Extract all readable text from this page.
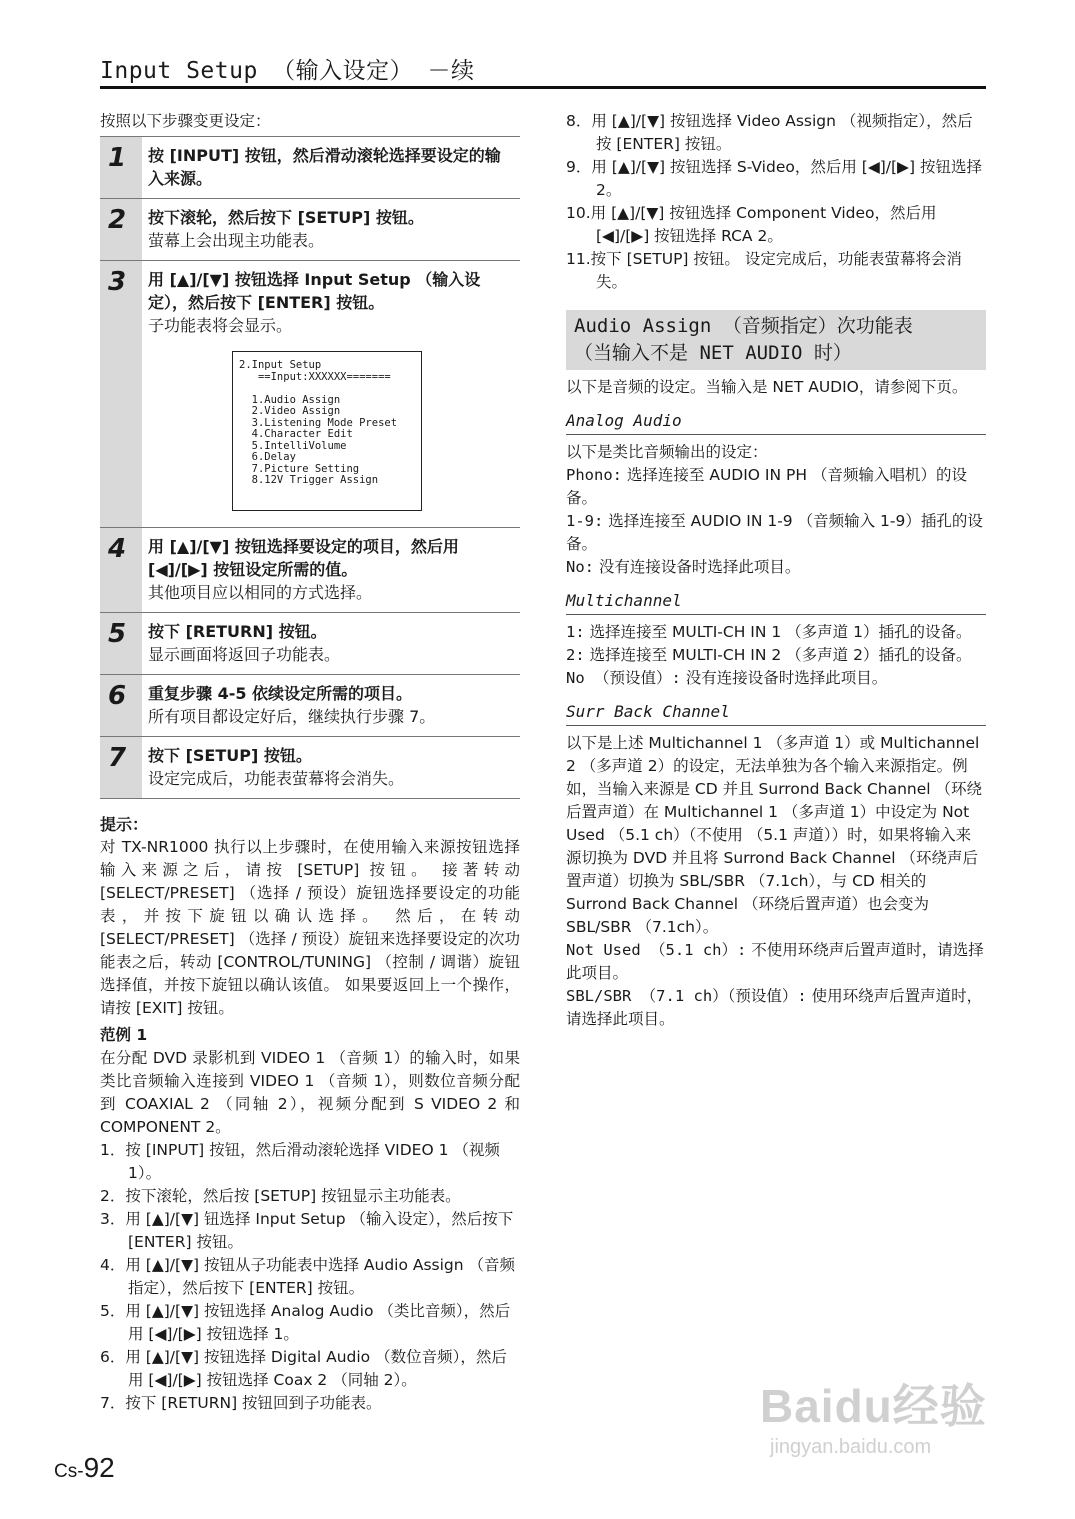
Input Setup （输入设定） －续
按照以下步骤变更设定：
1	按 [INPUT] 按钮，然后滑动滚轮选择要设定的输入来源。
2	按下滚轮，然后按下 [SETUP] 按钮。
萤幕上会出现主功能表。
3	用 [▲]/[▼] 按钮选择 Input Setup （输入设定），然后按下 [ENTER] 按钮。
子功能表将会显示。
2.Input Setup
==Input:XXXXXX=======

1.Audio Assign
2.Video Assign
3.Listening Mode Preset
4.Character Edit
5.IntelliVolume
6.Delay
7.Picture Setting
8.12V Trigger Assign
4	用 [▲]/[▼] 按钮选择要设定的项目，然后用 [◀]/[▶] 按钮设定所需的值。
其他项目应以相同的方式选择。
5	按下 [RETURN] 按钮。
显示画面将返回子功能表。
6	重复步骤 4-5 依续设定所需的项目。
所有项目都设定好后，继续执行步骤 7。
7	按下 [SETUP] 按钮。
设定完成后，功能表萤幕将会消失。
提示：

对 TX-NR1000 执行以上步骤时，在使用输入来源按钮选择输入来源之后，请按 [SETUP] 按钮。 接著转动 [SELECT/PRESET] （选择 / 预设）旋钮选择要设定的功能表，并按下旋钮以确认选择。 然后，在转动 [SELECT/PRESET] （选择 / 预设）旋钮来选择要设定的次功能表之后，转动 [CONTROL/TUNING] （控制 / 调谐）旋钮选择值，并按下旋钮以确认该值。 如果要返回上一个操作，请按 [EXIT] 按钮。

范例 1

在分配 DVD 录影机到 VIDEO 1 （音频 1）的输入时，如果类比音频输入连接到 VIDEO 1 （音频 1），则数位音频分配到 COAXIAL 2 （同轴 2），视频分配到 S VIDEO 2 和 COMPONENT 2。

1．按 [INPUT] 按钮，然后滑动滚轮选择 VIDEO 1 （视频 1）。
2．按下滚轮，然后按 [SETUP] 按钮显示主功能表。
3．用 [▲]/[▼] 钮选择 Input Setup （输入设定），然后按下 [ENTER] 按钮。
4．用 [▲]/[▼] 按钮从子功能表中选择 Audio Assign （音频指定），然后按下 [ENTER] 按钮。
5．用 [▲]/[▼] 按钮选择 Analog Audio （类比音频），然后用 [◀]/[▶] 按钮选择 1。
6．用 [▲]/[▼] 按钮选择 Digital Audio （数位音频），然后用 [◀]/[▶] 按钮选择 Coax 2 （同轴 2）。
7．按下 [RETURN] 按钮回到子功能表。
8．用 [▲]/[▼] 按钮选择 Video Assign （视频指定），然后按 [ENTER] 按钮。
9．用 [▲]/[▼] 按钮选择 S-Video，然后用 [◀]/[▶] 按钮选择 2。
10.用 [▲]/[▼] 按钮选择 Component Video，然后用 [◀]/[▶] 按钮选择 RCA 2。
11.按下 [SETUP] 按钮。 设定完成后，功能表萤幕将会消失。
Audio Assign （音频指定）次功能表
（当输入不是 NET AUDIO 时）

以下是音频的设定。当输入是 NET AUDIO，请参阅下页。

Analog Audio

以下是类比音频输出的设定：

Phono: 选择连接至 AUDIO IN PH （音频输入唱机）的设备。

1-9: 选择连接至 AUDIO IN 1-9 （音频输入 1-9）插孔的设备。

No: 没有连接设备时选择此项目。

Multichannel

1: 选择连接至 MULTI-CH IN 1 （多声道 1）插孔的设备。

2: 选择连接至 MULTI-CH IN 2 （多声道 2）插孔的设备。

No （预设值）: 没有连接设备时选择此项目。

Surr Back Channel

以下是上述 Multichannel 1 （多声道 1）或 Multichannel 2 （多声道 2）的设定，无法单独为各个输入来源指定。例如，当输入来源是 CD 并且 Surrond Back Channel （环绕后置声道）在 Multichannel 1 （多声道 1）中设定为 Not Used （5.1 ch）（不使用 （5.1 声道））时，如果将输入来源切换为 DVD 并且将 Surrond Back Channel （环绕声后置声道）切换为 SBL/SBR （7.1ch），与 CD 相关的 Surrond Back Channel （环绕后置声道）也会变为 SBL/SBR （7.1ch）。

Not Used （5.1 ch）: 不使用环绕声后置声道时，请选择此项目。

SBL/SBR （7.1 ch）（预设值）: 使用环绕声后置声道时，请选择此项目。

Cs-92
Baidu经验
jingyan.baidu.com
